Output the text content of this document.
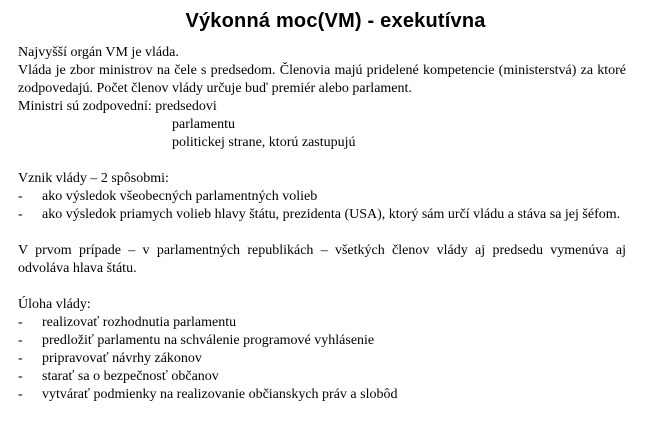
Výkonná moc(VM) - exekutívna

Najvyšší orgán VM je vláda.

Vláda je zbor ministrov na čele s predsedom. Členovia majú pridelené kompetencie (ministerstvá) za ktoré zodpovedajú. Počet členov vlády určuje buď premiér alebo parlament.

Ministri sú zodpovední: predsedovi

parlamentu

politickej strane, ktorú zastupujú

Vznik vlády – 2 spôsobmi:

- ako výsledok všeobecných parlamentných volieb
- ako výsledok priamych volieb hlavy štátu, prezidenta (USA), ktorý sám určí vládu a stáva sa jej šéfom.

V prvom prípade – v parlamentných republikách – všetkých členov vlády aj predsedu vymenúva aj odvoláva hlava štátu.

Úloha vlády:

- realizovať rozhodnutia parlamentu
- predložiť parlamentu na schválenie programové vyhlásenie
- pripravovať návrhy zákonov
- starať sa o bezpečnosť občanov
- vytvárať podmienky na realizovanie občianskych práv a slobôd
